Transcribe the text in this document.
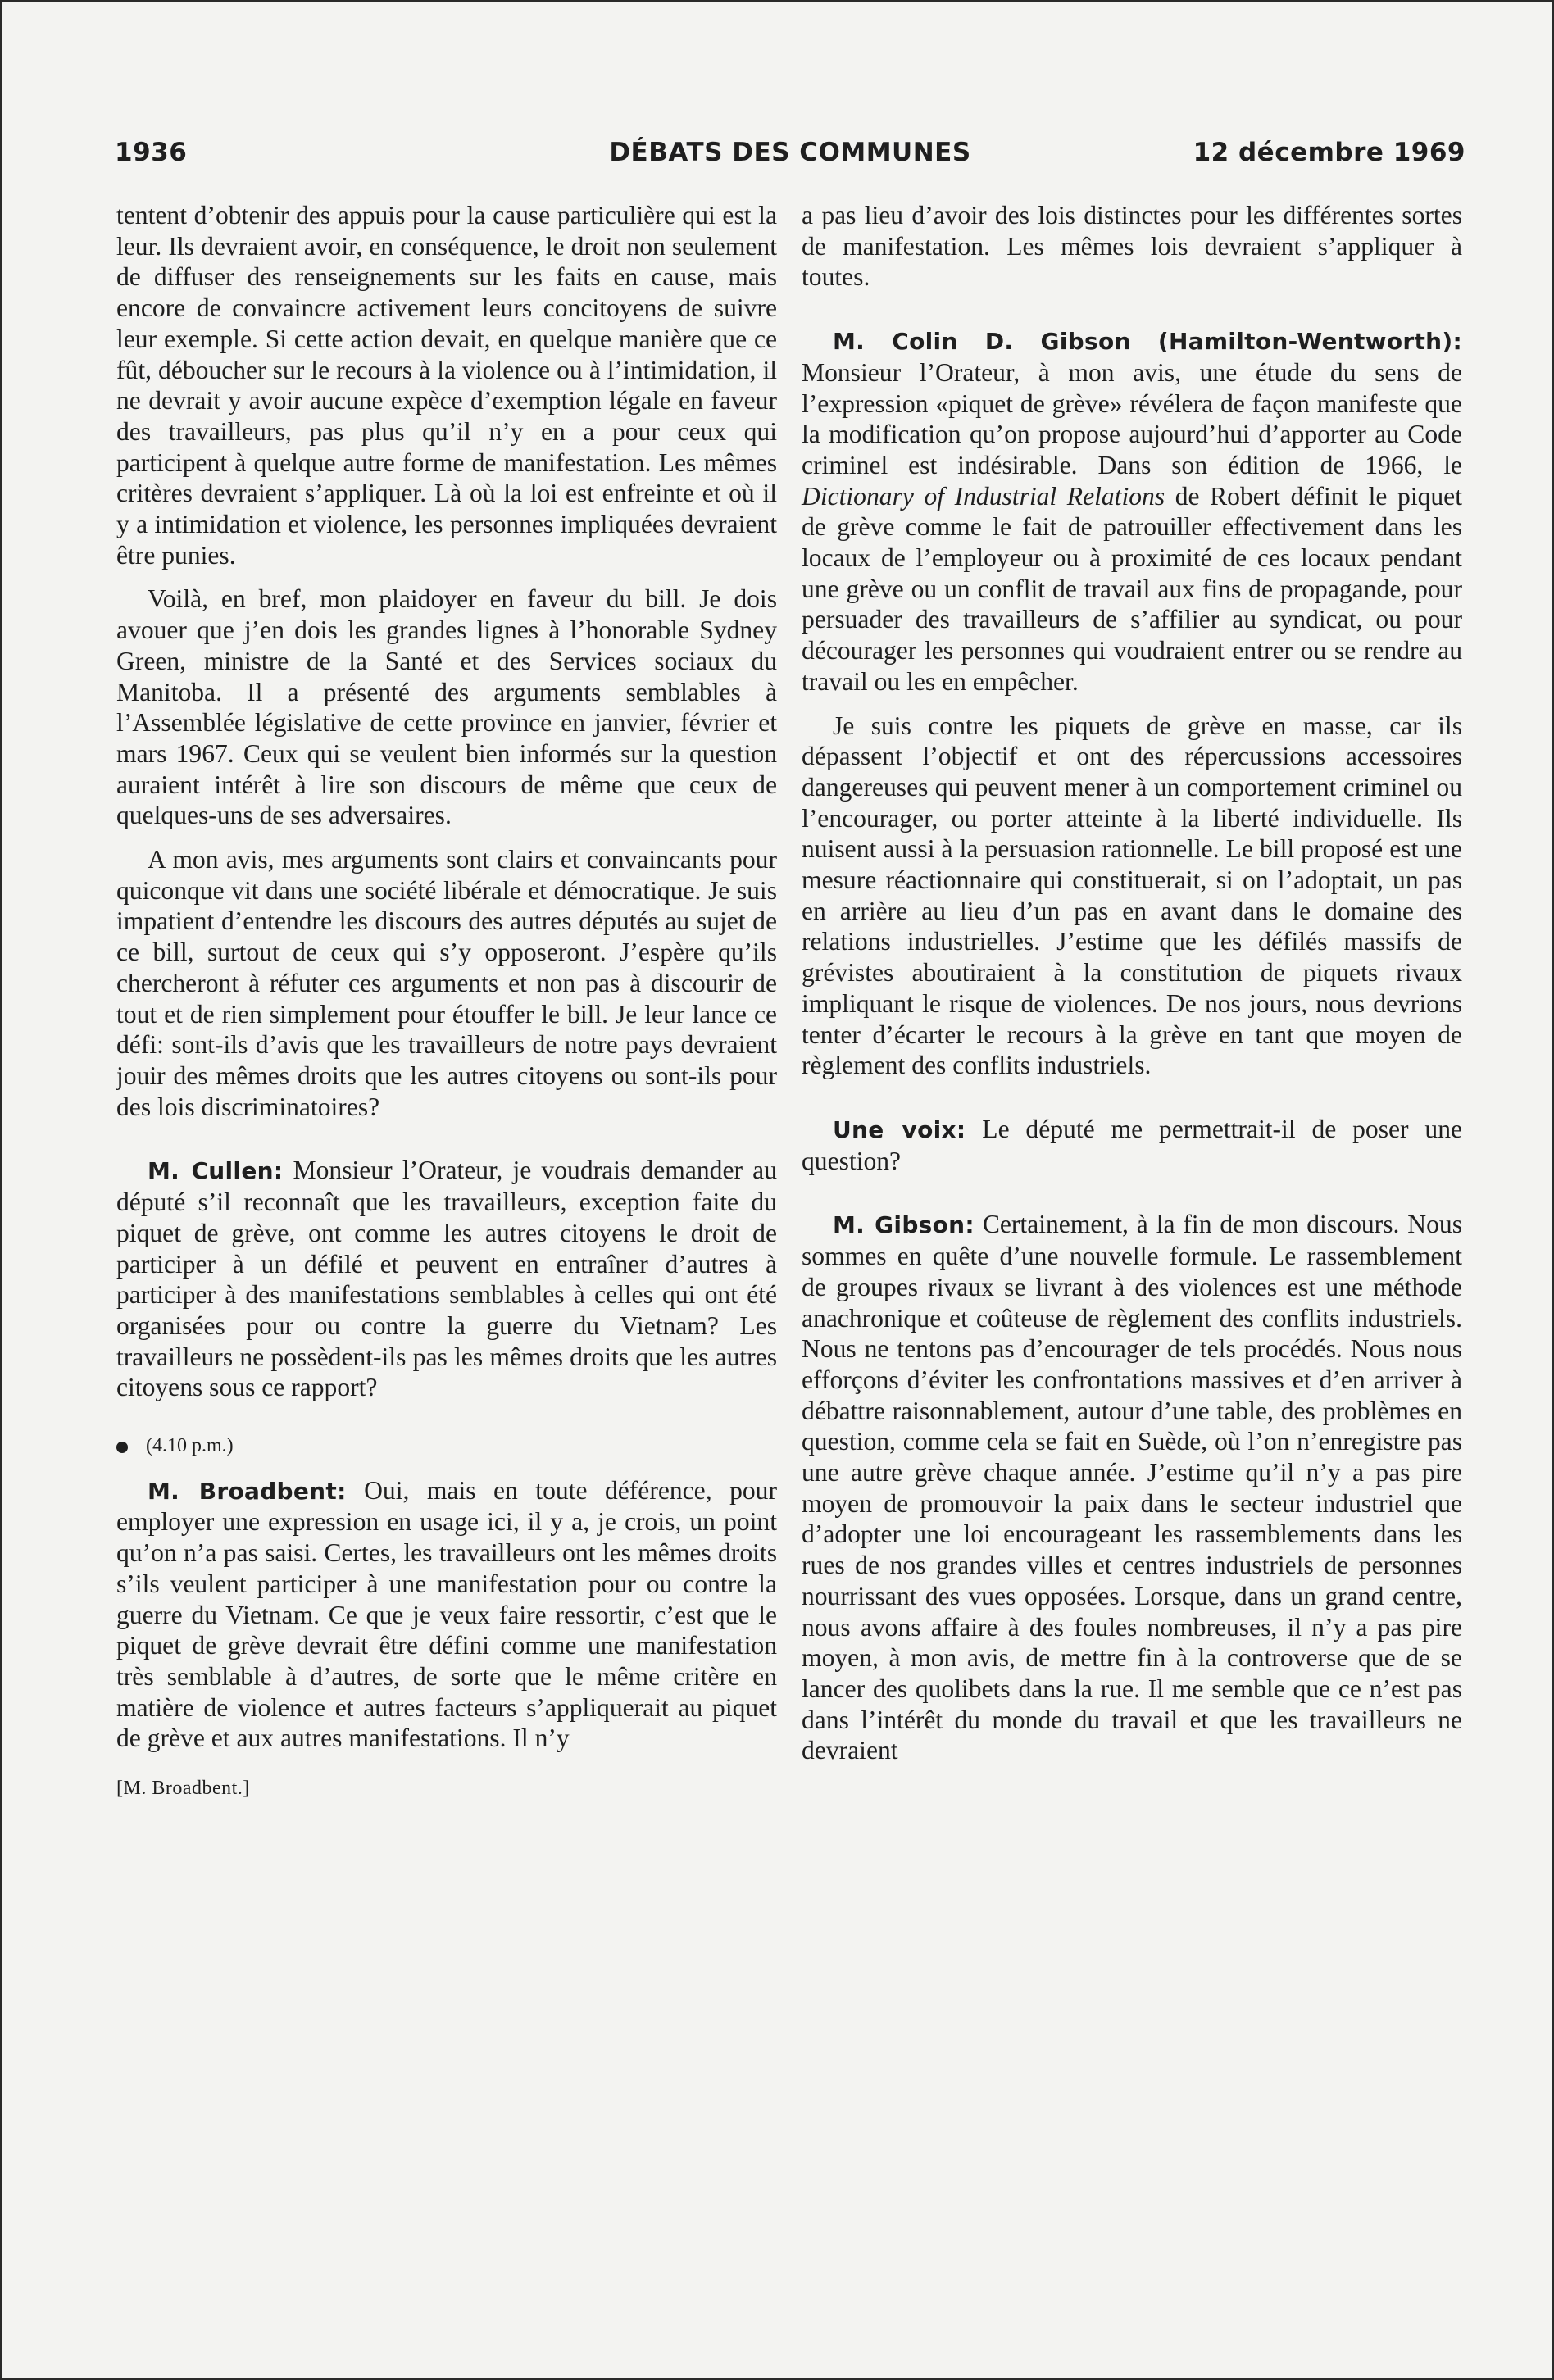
1936	DÉBATS DES COMMUNES	12 décembre 1969

tentent d’obtenir des appuis pour la cause particulière qui est la leur. Ils devraient avoir, en conséquence, le droit non seulement de diffuser des renseignements sur les faits en cause, mais encore de convaincre activement leurs concitoyens de suivre leur exemple. Si cette action devait, en quelque manière que ce fût, déboucher sur le recours à la violence ou à l’intimidation, il ne devrait y avoir aucune expèce d’exemption légale en faveur des travailleurs, pas plus qu’il n’y en a pour ceux qui participent à quelque autre forme de manifestation. Les mêmes critères devraient s’appliquer. Là où la loi est enfreinte et où il y a intimidation et violence, les personnes impliquées devraient être punies.

Voilà, en bref, mon plaidoyer en faveur du bill. Je dois avouer que j’en dois les grandes lignes à l’honorable Sydney Green, ministre de la Santé et des Services sociaux du Manitoba. Il a présenté des arguments semblables à l’Assemblée législative de cette province en janvier, février et mars 1967. Ceux qui se veulent bien informés sur la question auraient intérêt à lire son discours de même que ceux de quelques-uns de ses adversaires.

A mon avis, mes arguments sont clairs et convaincants pour quiconque vit dans une société libérale et démocratique. Je suis impatient d’entendre les discours des autres députés au sujet de ce bill, surtout de ceux qui s’y opposeront. J’espère qu’ils chercheront à réfuter ces arguments et non pas à discourir de tout et de rien simplement pour étouffer le bill. Je leur lance ce défi: sont-ils d’avis que les travailleurs de notre pays devraient jouir des mêmes droits que les autres citoyens ou sont-ils pour des lois discriminatoires?

M. Cullen: Monsieur l’Orateur, je voudrais demander au député s’il reconnaît que les travailleurs, exception faite du piquet de grève, ont comme les autres citoyens le droit de participer à un défilé et peuvent en entraîner d’autres à participer à des manifestations semblables à celles qui ont été organisées pour ou contre la guerre du Vietnam? Les travailleurs ne possèdent-ils pas les mêmes droits que les autres citoyens sous ce rapport?

(4.10 p.m.)

M. Broadbent: Oui, mais en toute déférence, pour employer une expression en usage ici, il y a, je crois, un point qu’on n’a pas saisi. Certes, les travailleurs ont les mêmes droits s’ils veulent participer à une manifestation pour ou contre la guerre du Vietnam. Ce que je veux faire ressortir, c’est que le piquet de grève devrait être défini comme une manifestation très semblable à d’autres, de sorte que le même critère en matière de violence et autres facteurs s’appliquerait au piquet de grève et aux autres manifestations. Il n’y

[M. Broadbent.]

a pas lieu d’avoir des lois distinctes pour les différentes sortes de manifestation. Les mêmes lois devraient s’appliquer à toutes.

M. Colin D. Gibson (Hamilton-Wentworth): Monsieur l’Orateur, à mon avis, une étude du sens de l’expression «piquet de grève» révélera de façon manifeste que la modification qu’on propose aujourd’hui d’apporter au Code criminel est indésirable. Dans son édition de 1966, le Dictionary of Industrial Relations de Robert définit le piquet de grève comme le fait de patrouiller effectivement dans les locaux de l’employeur ou à proximité de ces locaux pendant une grève ou un conflit de travail aux fins de propagande, pour persuader des travailleurs de s’affilier au syndicat, ou pour décourager les personnes qui voudraient entrer ou se rendre au travail ou les en empêcher.

Je suis contre les piquets de grève en masse, car ils dépassent l’objectif et ont des répercussions accessoires dangereuses qui peuvent mener à un comportement criminel ou l’encourager, ou porter atteinte à la liberté individuelle. Ils nuisent aussi à la persuasion rationnelle. Le bill proposé est une mesure réactionnaire qui constituerait, si on l’adoptait, un pas en arrière au lieu d’un pas en avant dans le domaine des relations industrielles. J’estime que les défilés massifs de grévistes aboutiraient à la constitution de piquets rivaux impliquant le risque de violences. De nos jours, nous devrions tenter d’écarter le recours à la grève en tant que moyen de règlement des conflits industriels.

Une voix: Le député me permettrait-il de poser une question?

M. Gibson: Certainement, à la fin de mon discours. Nous sommes en quête d’une nouvelle formule. Le rassemblement de groupes rivaux se livrant à des violences est une méthode anachronique et coûteuse de règlement des conflits industriels. Nous ne tentons pas d’encourager de tels procédés. Nous nous efforçons d’éviter les confrontations massives et d’en arriver à débattre raisonnablement, autour d’une table, des problèmes en question, comme cela se fait en Suède, où l’on n’enregistre pas une autre grève chaque année. J’estime qu’il n’y a pas pire moyen de promouvoir la paix dans le secteur industriel que d’adopter une loi encourageant les rassemblements dans les rues de nos grandes villes et centres industriels de personnes nourrissant des vues opposées. Lorsque, dans un grand centre, nous avons affaire à des foules nombreuses, il n’y a pas pire moyen, à mon avis, de mettre fin à la controverse que de se lancer des quolibets dans la rue. Il me semble que ce n’est pas dans l’intérêt du monde du travail et que les travailleurs ne devraient
